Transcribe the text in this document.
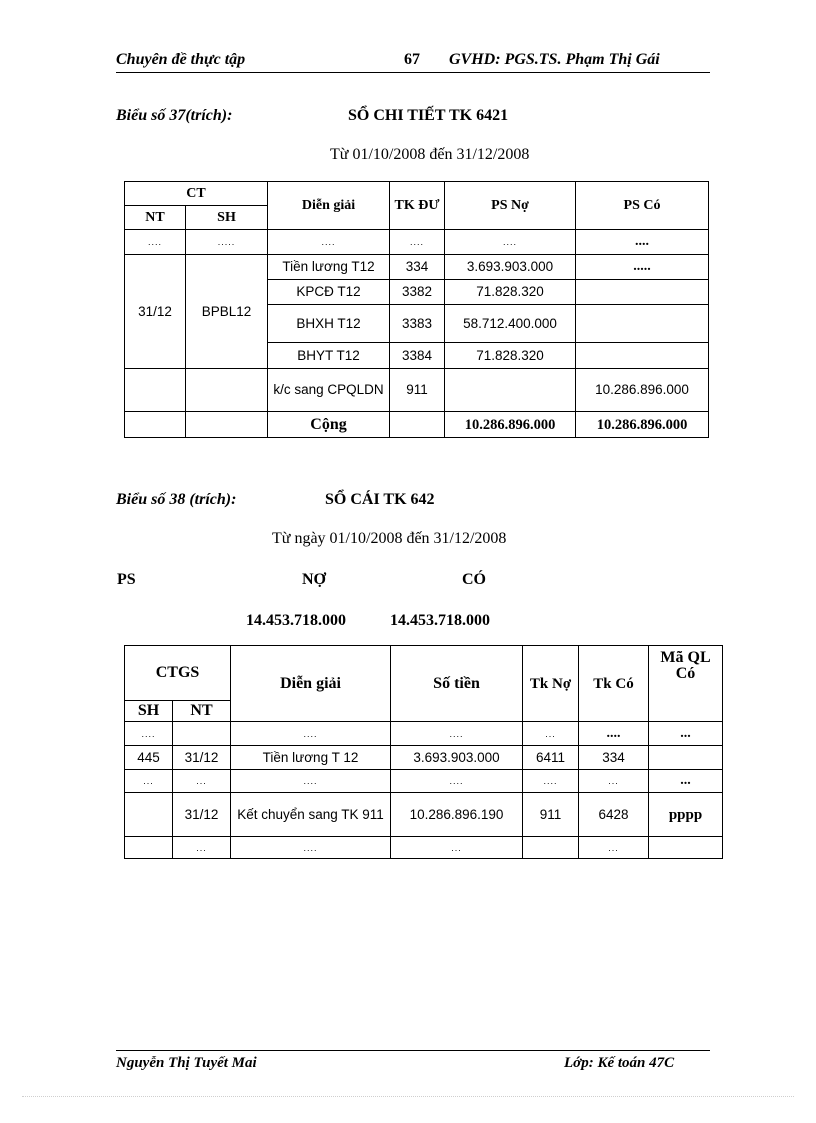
Chuyên đề thực tập	67 GVHD: PGS.TS. Phạm Thị Gái
Biểu số 37(trích):	SỔ CHI TIẾT TK 6421
Từ 01/10/2008 đến 31/12/2008
CT		Diễn giải	TK ĐƯ	PS Nợ	PS Có
NT	SH				
....	.....	....	....	....	....
31/12	BPBL12	Tiền lương T12	334	3.693.903.000	.....
		KPCĐ T12	3382	71.828.320	
		BHXH T12	3383	58.712.400.000	
		BHYT T12	3384	71.828.320	
		k/c sang CPQLDN	911		10.286.896.000
		Cộng		10.286.896.000	10.286.896.000
Biểu số 38 (trích):	SỔ CÁI TK 642
Từ ngày 01/10/2008 đến 31/12/2008
PS	NỢ	CÓ
14.453.718.000	14.453.718.000
CTGS		Diễn giải	Số tiền	Tk Nợ	Tk Có	Mã QL Có
SH	NT					
....		....	....	...	....	...
445	31/12	Tiền lương T 12	3.693.903.000	6411	334	
...	...	....	....	....	...	...
	31/12	Kết chuyển sang TK 911	10.286.896.190	911	6428	pppp
	...	....	...		...	
Nguyễn Thị Tuyết Mai	Lớp: Kế toán 47C
